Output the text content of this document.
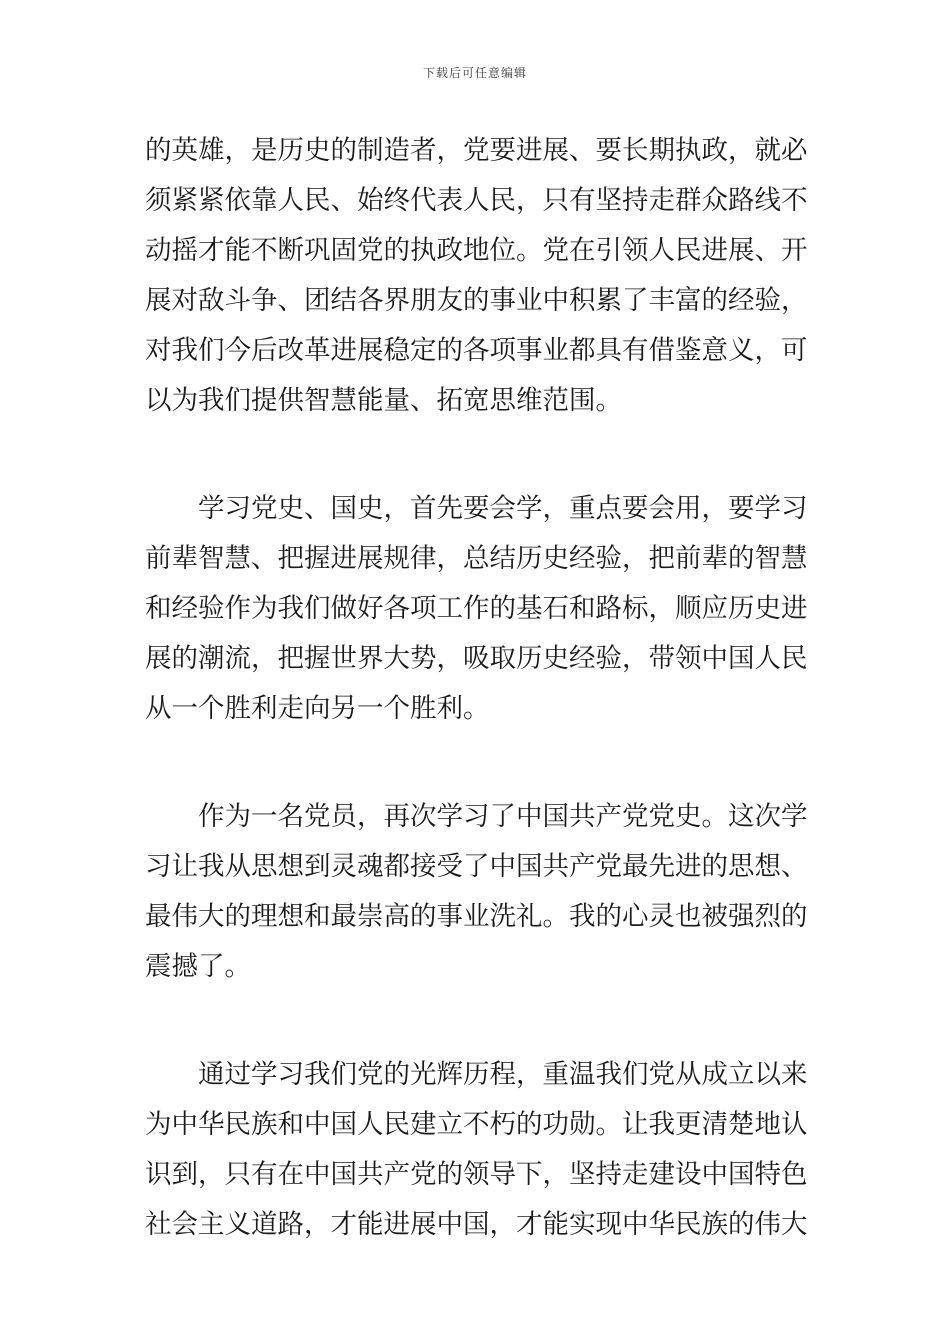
下载后可任意编辑

的英雄，是历史的制造者，党要进展、要长期执政，就必
须紧紧依靠人民、始终代表人民，只有坚持走群众路线不
动摇才能不断巩固党的执政地位。党在引领人民进展、开
展对敌斗争、团结各界朋友的事业中积累了丰富的经验，
对我们今后改革进展稳定的各项事业都具有借鉴意义，可
以为我们提供智慧能量、拓宽思维范围。

学习党史、国史，首先要会学，重点要会用，要学习
前辈智慧、把握进展规律，总结历史经验，把前辈的智慧
和经验作为我们做好各项工作的基石和路标，顺应历史进
展的潮流，把握世界大势，吸取历史经验，带领中国人民
从一个胜利走向另一个胜利。

作为一名党员，再次学习了中国共产党党史。这次学
习让我从思想到灵魂都接受了中国共产党最先进的思想、
最伟大的理想和最崇高的事业洗礼。我的心灵也被强烈的
震撼了。

通过学习我们党的光辉历程，重温我们党从成立以来
为中华民族和中国人民建立不朽的功勋。让我更清楚地认
识到，只有在中国共产党的领导下，坚持走建设中国特色
社会主义道路，才能进展中国，才能实现中华民族的伟大
